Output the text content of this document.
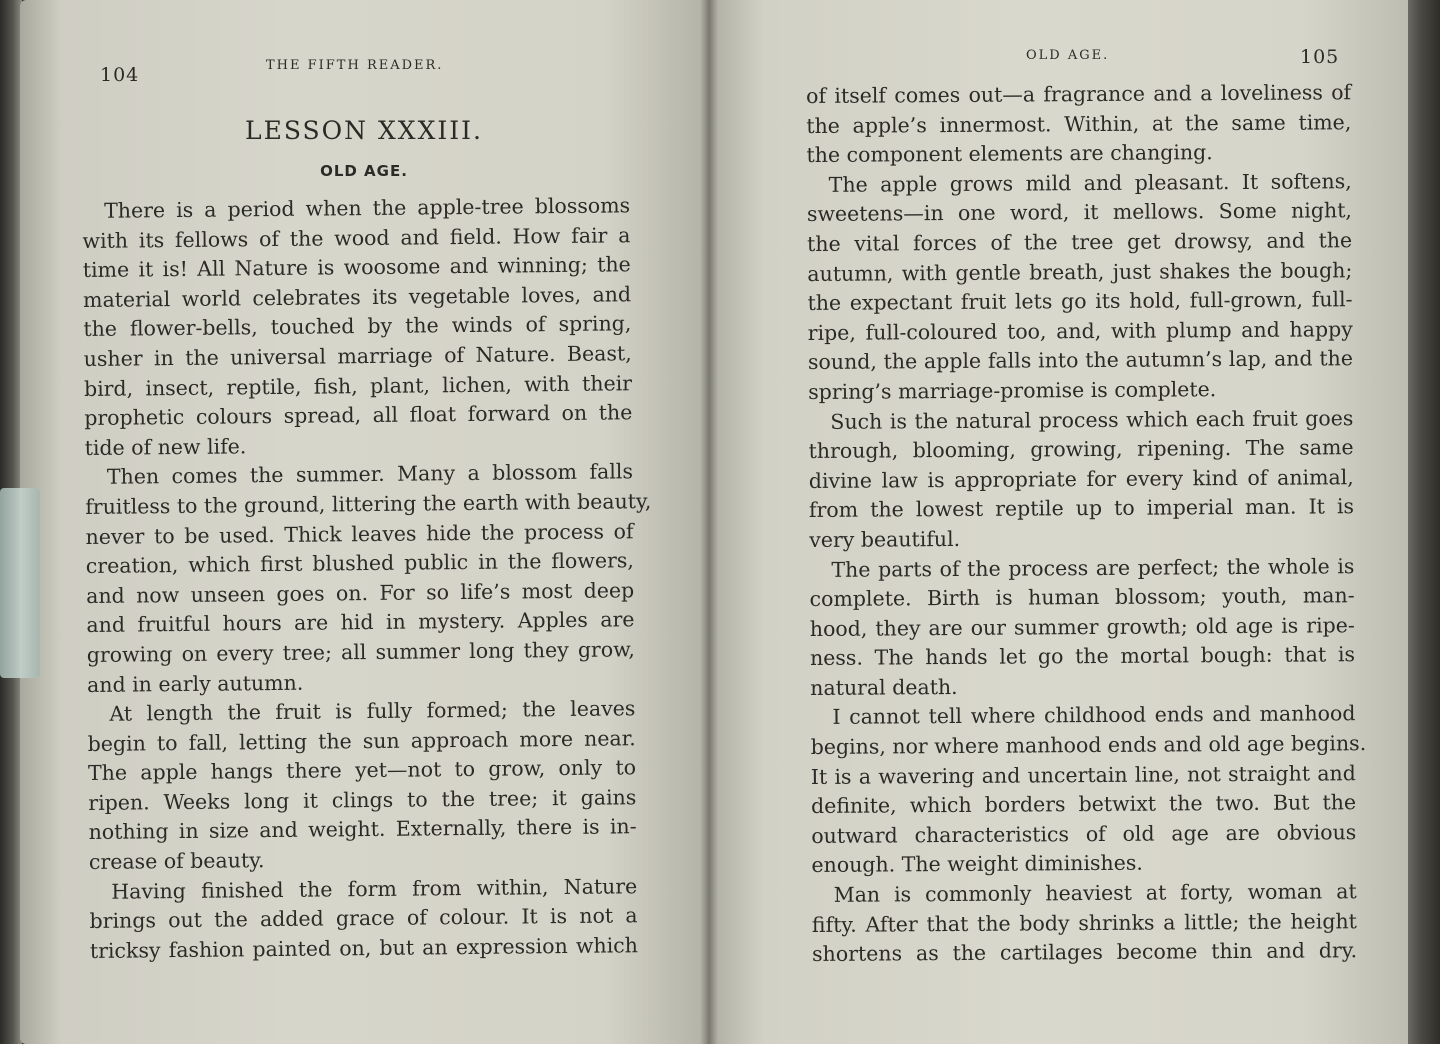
104	THE FIFTH READER.
LESSON XXXIII.
OLD AGE.
There is a period when the apple-tree blossoms
with its fellows of the wood and field. How fair a
time it is! All Nature is woosome and winning; the
material world celebrates its vegetable loves, and
the flower-bells, touched by the winds of spring,
usher in the universal marriage of Nature. Beast,
bird, insect, reptile, fish, plant, lichen, with their
prophetic colours spread, all float forward on the
tide of new life.
Then comes the summer. Many a blossom falls
fruitless to the ground, littering the earth with beauty,
never to be used. Thick leaves hide the process of
creation, which first blushed public in the flowers,
and now unseen goes on. For so life’s most deep
and fruitful hours are hid in mystery. Apples are
growing on every tree; all summer long they grow,
and in early autumn.
At length the fruit is fully formed; the leaves
begin to fall, letting the sun approach more near.
The apple hangs there yet—not to grow, only to
ripen. Weeks long it clings to the tree; it gains
nothing in size and weight. Externally, there is in-
crease of beauty.
Having finished the form from within, Nature
brings out the added grace of colour. It is not a
tricksy fashion painted on, but an expression which
OLD AGE.	105
of itself comes out—a fragrance and a loveliness of
the apple’s innermost. Within, at the same time,
the component elements are changing.
The apple grows mild and pleasant. It softens,
sweetens—in one word, it mellows. Some night,
the vital forces of the tree get drowsy, and the
autumn, with gentle breath, just shakes the bough;
the expectant fruit lets go its hold, full-grown, full-
ripe, full-coloured too, and, with plump and happy
sound, the apple falls into the autumn’s lap, and the
spring’s marriage-promise is complete.
Such is the natural process which each fruit goes
through, blooming, growing, ripening. The same
divine law is appropriate for every kind of animal,
from the lowest reptile up to imperial man. It is
very beautiful.
The parts of the process are perfect; the whole is
complete. Birth is human blossom; youth, man-
hood, they are our summer growth; old age is ripe-
ness. The hands let go the mortal bough: that is
natural death.
I cannot tell where childhood ends and manhood
begins, nor where manhood ends and old age begins.
It is a wavering and uncertain line, not straight and
definite, which borders betwixt the two. But the
outward characteristics of old age are obvious
enough. The weight diminishes.
Man is commonly heaviest at forty, woman at
fifty. After that the body shrinks a little; the height
shortens as the cartilages become thin and dry.
